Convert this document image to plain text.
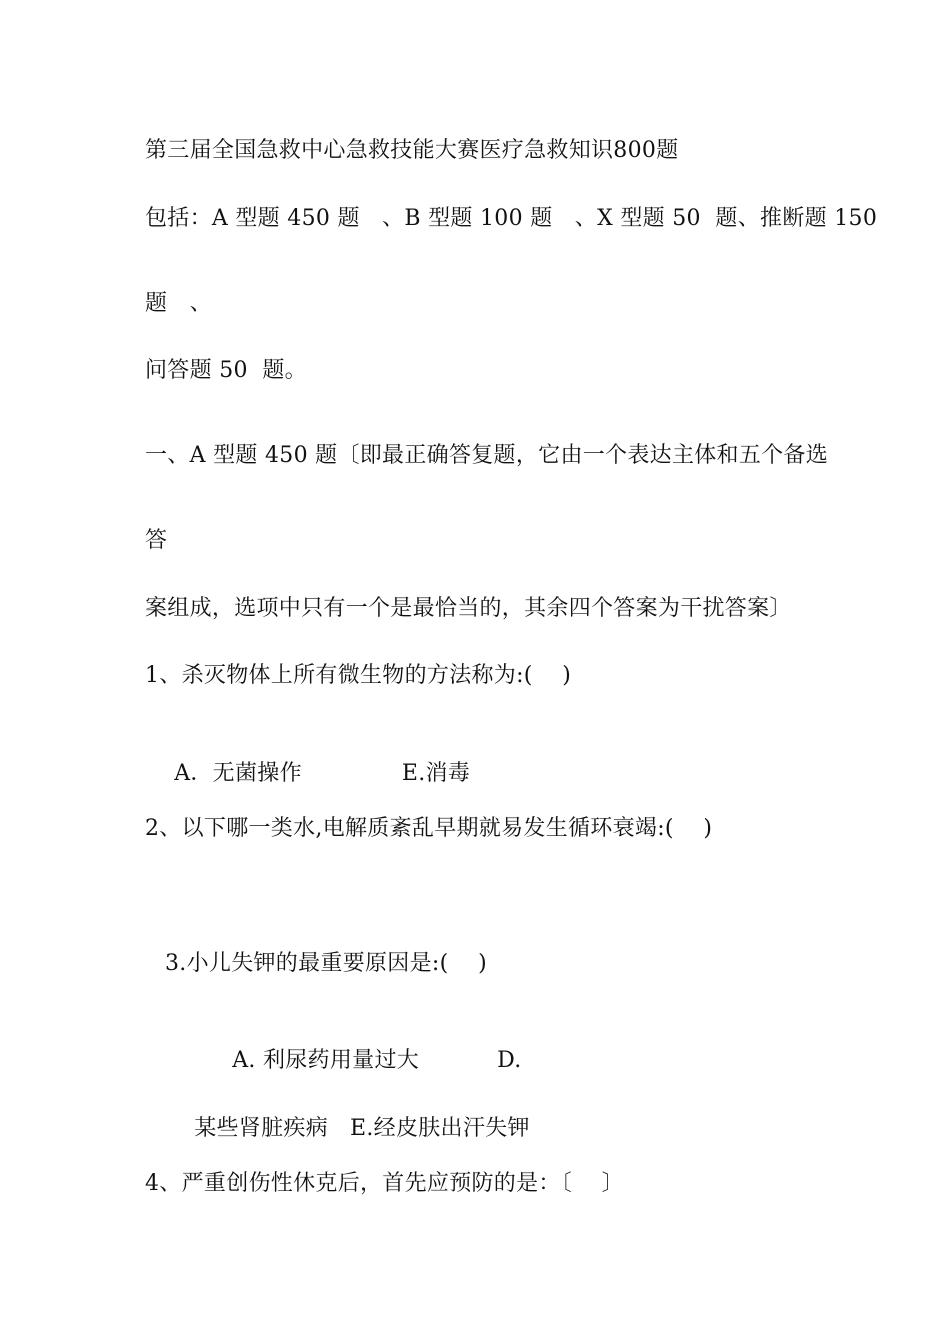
第三届全国急救中心急救技能大赛医疗急救知识800题
包括：A 型题 450 题　、B 型题 100 题　、X 型题 50  题、推断题 150
题　、
问答题 50  题。
一、A 型题 450 题〔即最正确答复题，它由一个表达主体和五个备选
答
案组成，选项中只有一个是最恰当的，其余四个答案为干扰答案〕
1、杀灭物体上所有微生物的方法称为:(　 )

A．无菌操作	E.消毒

2、以下哪一类水,电解质紊乱早期就易发生循环衰竭:(　 )
3.小儿失钾的最重要原因是:(　 )

A. 利尿药用量过大	D.

某些肾脏疾病 E.经皮肤出汗失钾

4、严重创伤性休克后，首先应预防的是：〔　 〕
